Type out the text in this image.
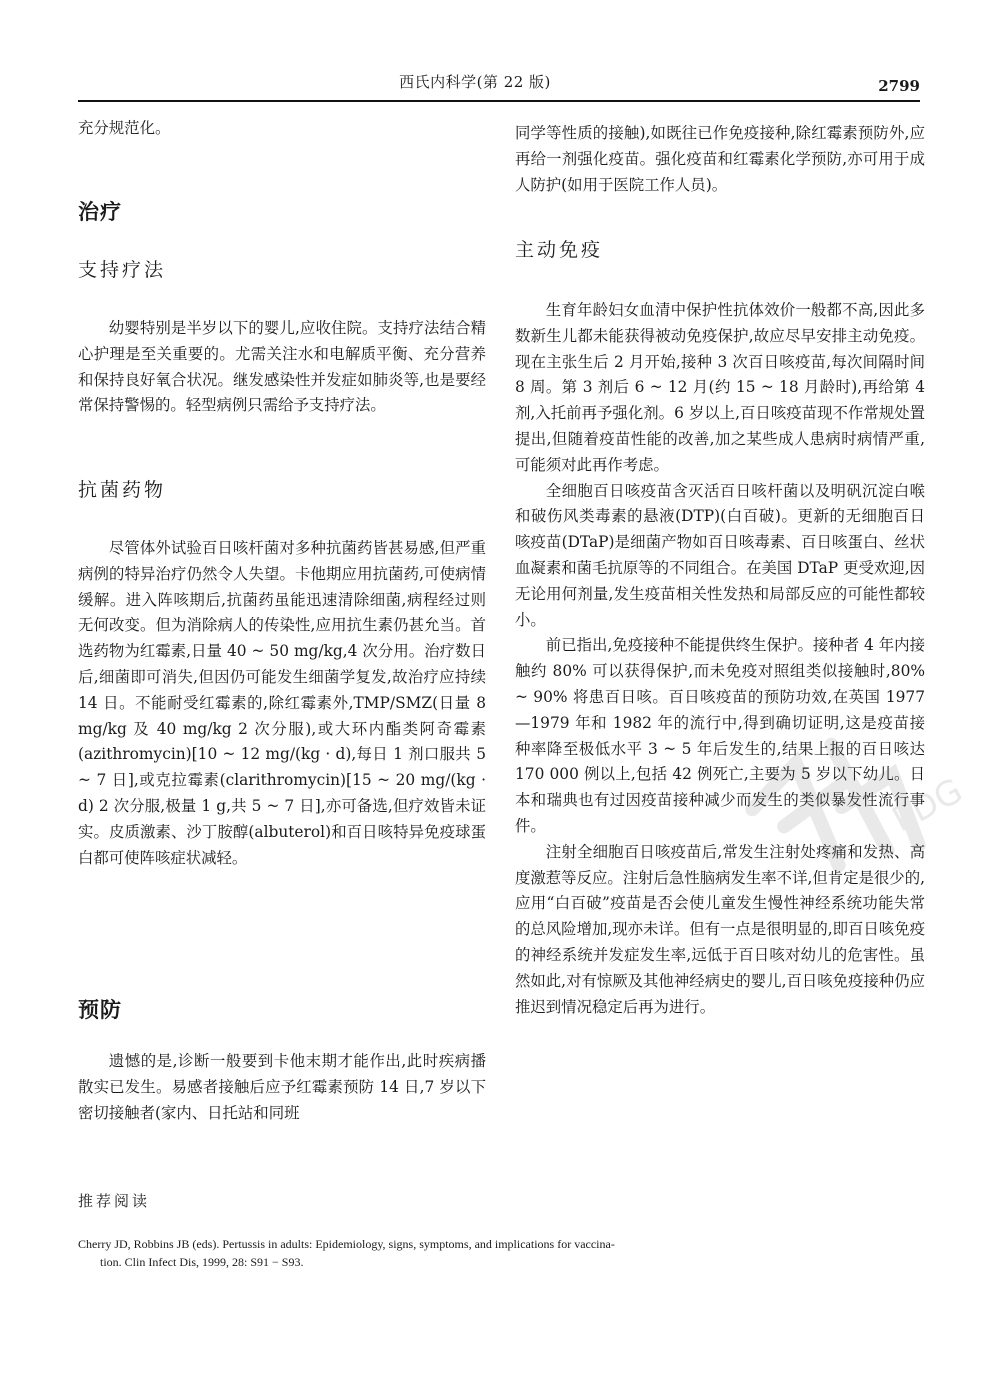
西氏内科学(第 22 版)	2799

充分规范化。

治疗
支持疗法

幼婴特别是半岁以下的婴儿,应收住院。支持疗法结合精心护理是至关重要的。尤需关注水和电解质平衡、充分营养和保持良好氧合状况。继发感染性并发症如肺炎等,也是要经常保持警惕的。轻型病例只需给予支持疗法。

抗菌药物

尽管体外试验百日咳杆菌对多种抗菌药皆甚易感,但严重病例的特异治疗仍然令人失望。卡他期应用抗菌药,可使病情缓解。进入阵咳期后,抗菌药虽能迅速清除细菌,病程经过则无何改变。但为消除病人的传染性,应用抗生素仍甚允当。首选药物为红霉素,日量 40 ~ 50 mg/kg,4 次分用。治疗数日后,细菌即可消失,但因仍可能发生细菌学复发,故治疗应持续 14 日。不能耐受红霉素的,除红霉素外,TMP/SMZ(日量 8 mg/kg 及 40 mg/kg 2 次分服),或大环内酯类阿奇霉素(azithromycin)[10 ~ 12 mg/(kg · d),每日 1 剂口服共 5 ~ 7 日],或克拉霉素(clarithromycin)[15 ~ 20 mg/(kg · d) 2 次分服,极量 1 g,共 5 ~ 7 日],亦可备选,但疗效皆未证实。皮质激素、沙丁胺醇(albuterol)和百日咳特异免疫球蛋白都可使阵咳症状减轻。

预防

遗憾的是,诊断一般要到卡他末期才能作出,此时疾病播散实已发生。易感者接触后应予红霉素预防 14 日,7 岁以下密切接触者(家内、日托站和同班

同学等性质的接触),如既往已作免疫接种,除红霉素预防外,应再给一剂强化疫苗。强化疫苗和红霉素化学预防,亦可用于成人防护(如用于医院工作人员)。

主动免疫

生育年龄妇女血清中保护性抗体效价一般都不高,因此多数新生儿都未能获得被动免疫保护,故应尽早安排主动免疫。现在主张生后 2 月开始,接种 3 次百日咳疫苗,每次间隔时间 8 周。第 3 剂后 6 ~ 12 月(约 15 ~ 18 月龄时),再给第 4 剂,入托前再予强化剂。6 岁以上,百日咳疫苗现不作常规处置提出,但随着疫苗性能的改善,加之某些成人患病时病情严重,可能须对此再作考虑。

全细胞百日咳疫苗含灭活百日咳杆菌以及明矾沉淀白喉和破伤风类毒素的悬液(DTP)(白百破)。更新的无细胞百日咳疫苗(DTaP)是细菌产物如百日咳毒素、百日咳蛋白、丝状血凝素和菌毛抗原等的不同组合。在美国 DTaP 更受欢迎,因无论用何剂量,发生疫苗相关性发热和局部反应的可能性都较小。

前已指出,免疫接种不能提供终生保护。接种者 4 年内接触约 80% 可以获得保护,而未免疫对照组类似接触时,80% ~ 90% 将患百日咳。百日咳疫苗的预防功效,在英国 1977—1979 年和 1982 年的流行中,得到确切证明,这是疫苗接种率降至极低水平 3 ~ 5 年后发生的,结果上报的百日咳达 170 000 例以上,包括 42 例死亡,主要为 5 岁以下幼儿。日本和瑞典也有过因疫苗接种减少而发生的类似暴发性流行事件。

注射全细胞百日咳疫苗后,常发生注射处疼痛和发热、高度激惹等反应。注射后急性脑病发生率不详,但肯定是很少的,应用“白百破”疫苗是否会使儿童发生慢性神经系统功能失常的总风险增加,现亦未详。但有一点是很明显的,即百日咳免疫的神经系统并发症发生率,远低于百日咳对幼儿的危害性。虽然如此,对有惊厥及其他神经病史的婴儿,百日咳免疫接种仍应推迟到情况稳定后再为进行。

推荐阅读
Cherry JD, Robbins JB (eds). Pertussis in adults: Epidemiology, signs, symptoms, and implications for vaccina-
tion. Clin Infect Dis, 1999, 28: S91 − S93.
PDG
